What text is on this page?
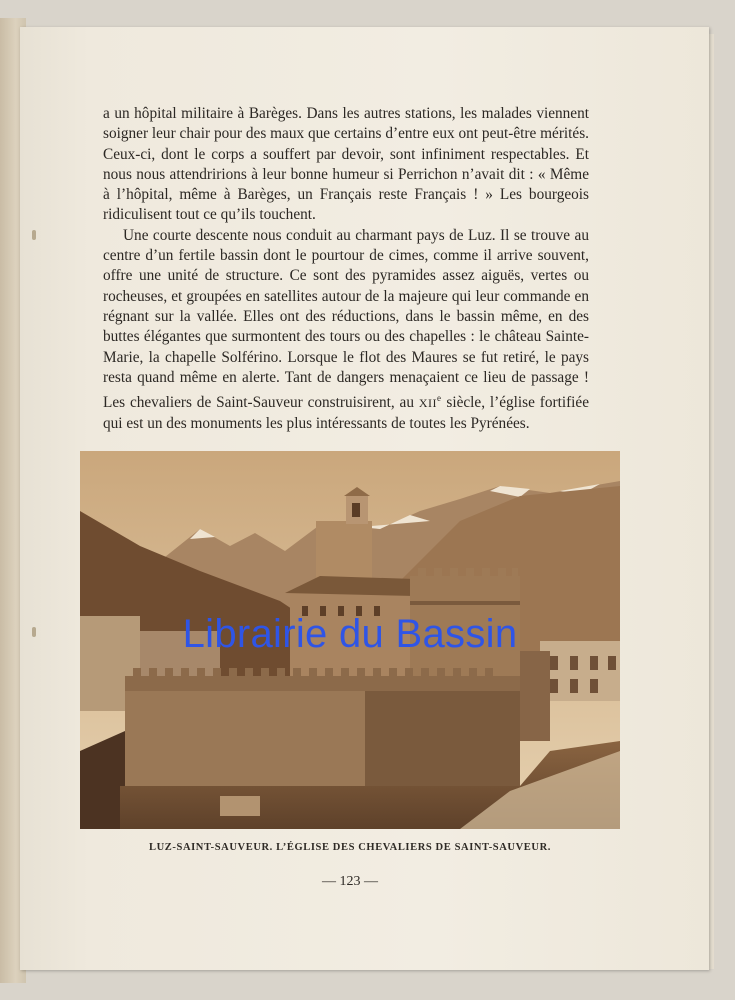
a un hôpital militaire à Barèges. Dans les autres stations, les malades viennent soigner leur chair pour des maux que certains d’entre eux ont peut-être mérités. Ceux-ci, dont le corps a souffert par devoir, sont infiniment respectables. Et nous nous attendririons à leur bonne humeur si Perrichon n’avait dit : « Même à l’hôpital, même à Barèges, un Français reste Français ! » Les bourgeois ridiculisent tout ce qu’ils touchent.

Une courte descente nous conduit au charmant pays de Luz. Il se trouve au centre d’un fertile bassin dont le pourtour de cimes, comme il arrive souvent, offre une unité de structure. Ce sont des pyramides assez aiguës, vertes ou rocheuses, et groupées en satellites autour de la majeure qui leur commande en régnant sur la vallée. Elles ont des réductions, dans le bassin même, en des buttes élégantes que surmontent des tours ou des chapelles : le château Sainte-Marie, la chapelle Solférino. Lorsque le flot des Maures se fut retiré, le pays resta quand même en alerte. Tant de dangers menaçaient ce lieu de passage ! Les chevaliers de Saint-Sauveur construisirent, au XIIe siècle, l’église fortifiée qui est un des monuments les plus intéressants de toutes les Pyrénées.

Librairie du Bassin
LUZ-SAINT-SAUVEUR. L’ÉGLISE DES CHEVALIERS DE SAINT-SAUVEUR.
— 123 —
